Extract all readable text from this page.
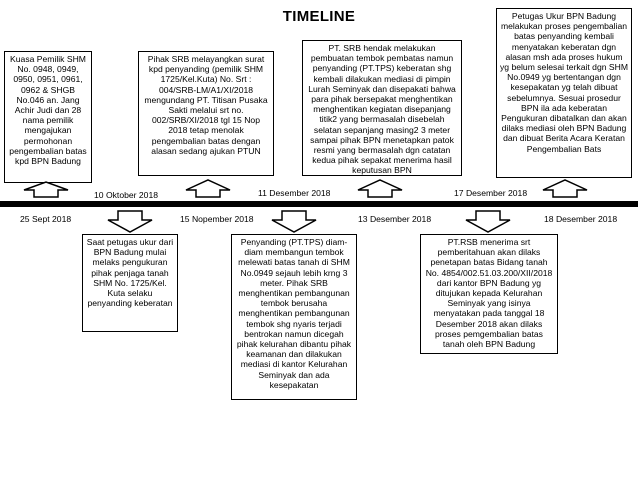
TIMELINE
Kuasa Pemilik SHM No. 0948, 0949, 0950, 0951, 0961, 0962 & SHGB No.046 an. Jang Achir Judi dan 28 nama pemilik mengajukan permohonan pengembalian batas kpd BPN Badung
Pihak SRB melayangkan surat kpd penyanding (pemilik SHM 1725/Kel.Kuta) No. Srt : 004/SRB-LM/A1/XI/2018 mengundang PT. Titisan Pusaka Sakti melalui srt no. 002/SRB/XI/2018 tgl 15 Nop 2018 tetap menolak pengembalian batas dengan alasan sedang ajukan PTUN
PT. SRB hendak melakukan pembuatan tembok pembatas namun penyanding (PT.TPS) keberatan shg kembali dilakukan mediasi di pimpin Lurah Seminyak dan disepakati bahwa para pihak bersepakat menghentikan menghentikan kegiatan disepanjang titik2 yang bermasalah disebelah selatan sepanjang masing2 3 meter sampai pihak BPN menetapkan patok resmi yang bermasalah dgn catatan kedua pihak sepakat menerima hasil keputusan BPN
Petugas Ukur BPN Badung melakukan proses pengembalian batas penyanding kembali menyatakan keberatan dgn alasan msh ada proses hukum yg belum selesai terkait dgn SHM No.0949 yg bertentangan dgn kesepakatan yg telah dibuat sebelumnya. Sesuai prosedur BPN ila ada keberatan Pengukuran dibatalkan dan akan dilaks mediasi oleh BPN Badung dan dibuat Berita Acara Keratan Pengembalian Bats
Saat petugas ukur dari BPN Badung mulai melaks pengukuran pihak penjaga tanah SHM No. 1725/Kel. Kuta selaku penyanding keberatan
Penyanding (PT.TPS) diam-diam membangun tembok melewati batas tanah di SHM No.0949 sejauh lebih krng 3 meter. Pihak SRB menghentikan pembangunan tembok berusaha menghentikan pembangunan tembok shg nyaris terjadi bentrokan namun dicegah pihak kelurahan dibantu pihak keamanan dan dilakukan mediasi di kantor Kelurahan Seminyak dan ada kesepakatan
PT.RSB menerima srt pemberitahuan akan dilaks penetapan batas Bidang tanah No. 4854/002.51.03.200/XII/2018 dari kantor BPN Badung yg ditujukan kepada Kelurahan Seminyak yang isinya menyatakan pada tanggal 18 Desember 2018 akan dilaks proses pemgembalian batas tanah oleh BPN Badung
10 Oktober 2018	11 Desember 2018	17 Desember 2018
25 Sept 2018	15 Nopember 2018	13 Desember 2018	18 Desember 2018
